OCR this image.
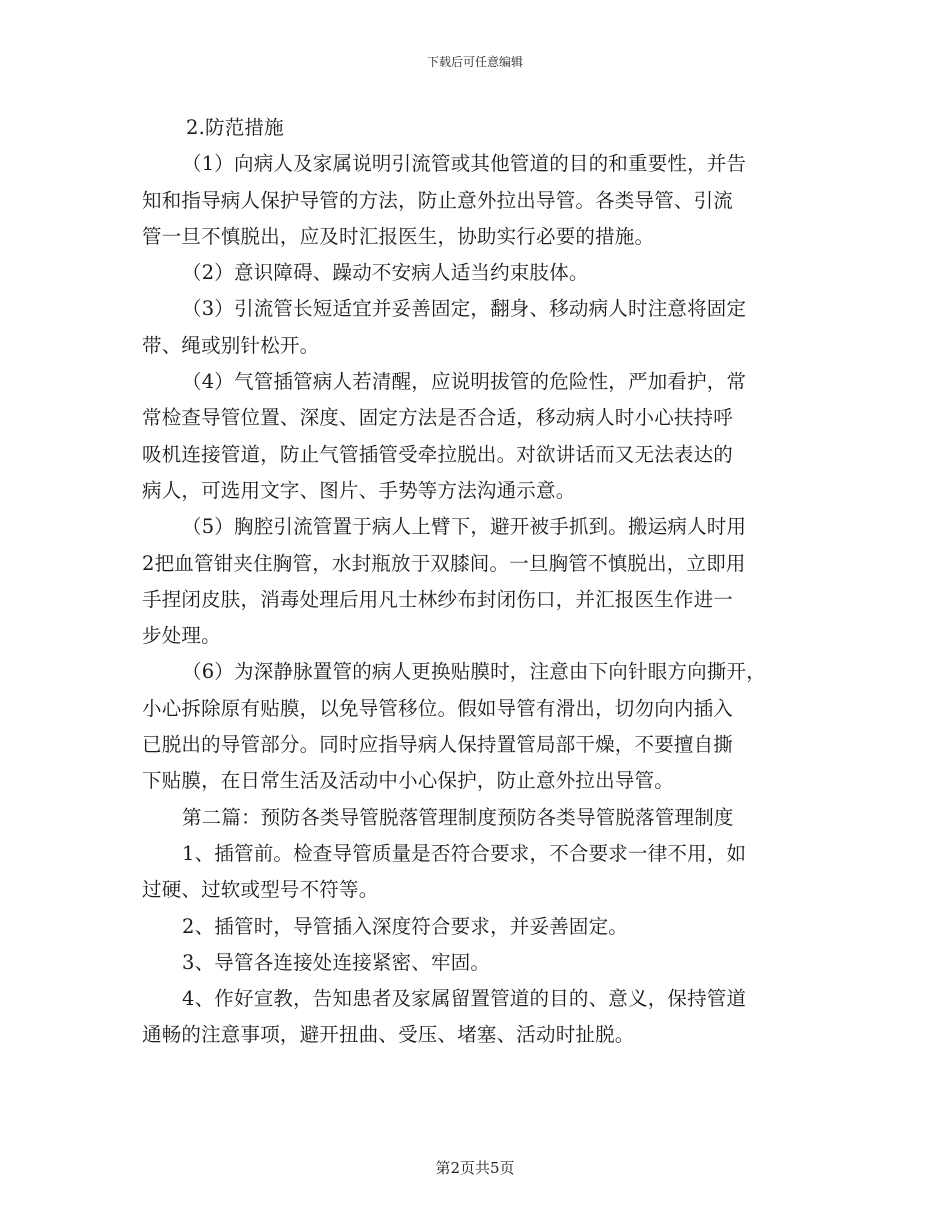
下载后可任意编辑

2.防范措施

（1）向病人及家属说明引流管或其他管道的目的和重要性，并告
知和指导病人保护导管的方法，防止意外拉出导管。各类导管、引流
管一旦不慎脱出，应及时汇报医生，协助实行必要的措施。

（2）意识障碍、躁动不安病人适当约束肢体。

（3）引流管长短适宜并妥善固定，翻身、移动病人时注意将固定
带、绳或别针松开。

（4）气管插管病人若清醒，应说明拔管的危险性，严加看护，常
常检查导管位置、深度、固定方法是否合适，移动病人时小心扶持呼
吸机连接管道，防止气管插管受牵拉脱出。对欲讲话而又无法表达的
病人，可选用文字、图片、手势等方法沟通示意。

（5）胸腔引流管置于病人上臂下，避开被手抓到。搬运病人时用
2把血管钳夹住胸管，水封瓶放于双膝间。一旦胸管不慎脱出，立即用
手捏闭皮肤，消毒处理后用凡士林纱布封闭伤口，并汇报医生作进一
步处理。

（6）为深静脉置管的病人更换贴膜时，注意由下向针眼方向撕开，
小心拆除原有贴膜，以免导管移位。假如导管有滑出，切勿向内插入
已脱出的导管部分。同时应指导病人保持置管局部干燥，不要擅自撕
下贴膜，在日常生活及活动中小心保护，防止意外拉出导管。

第二篇：预防各类导管脱落管理制度预防各类导管脱落管理制度

1、插管前。检查导管质量是否符合要求，不合要求一律不用，如
过硬、过软或型号不符等。

2、插管时，导管插入深度符合要求，并妥善固定。

3、导管各连接处连接紧密、牢固。

4、作好宣教，告知患者及家属留置管道的目的、意义，保持管道
通畅的注意事项，避开扭曲、受压、堵塞、活动时扯脱。

第2页共5页
